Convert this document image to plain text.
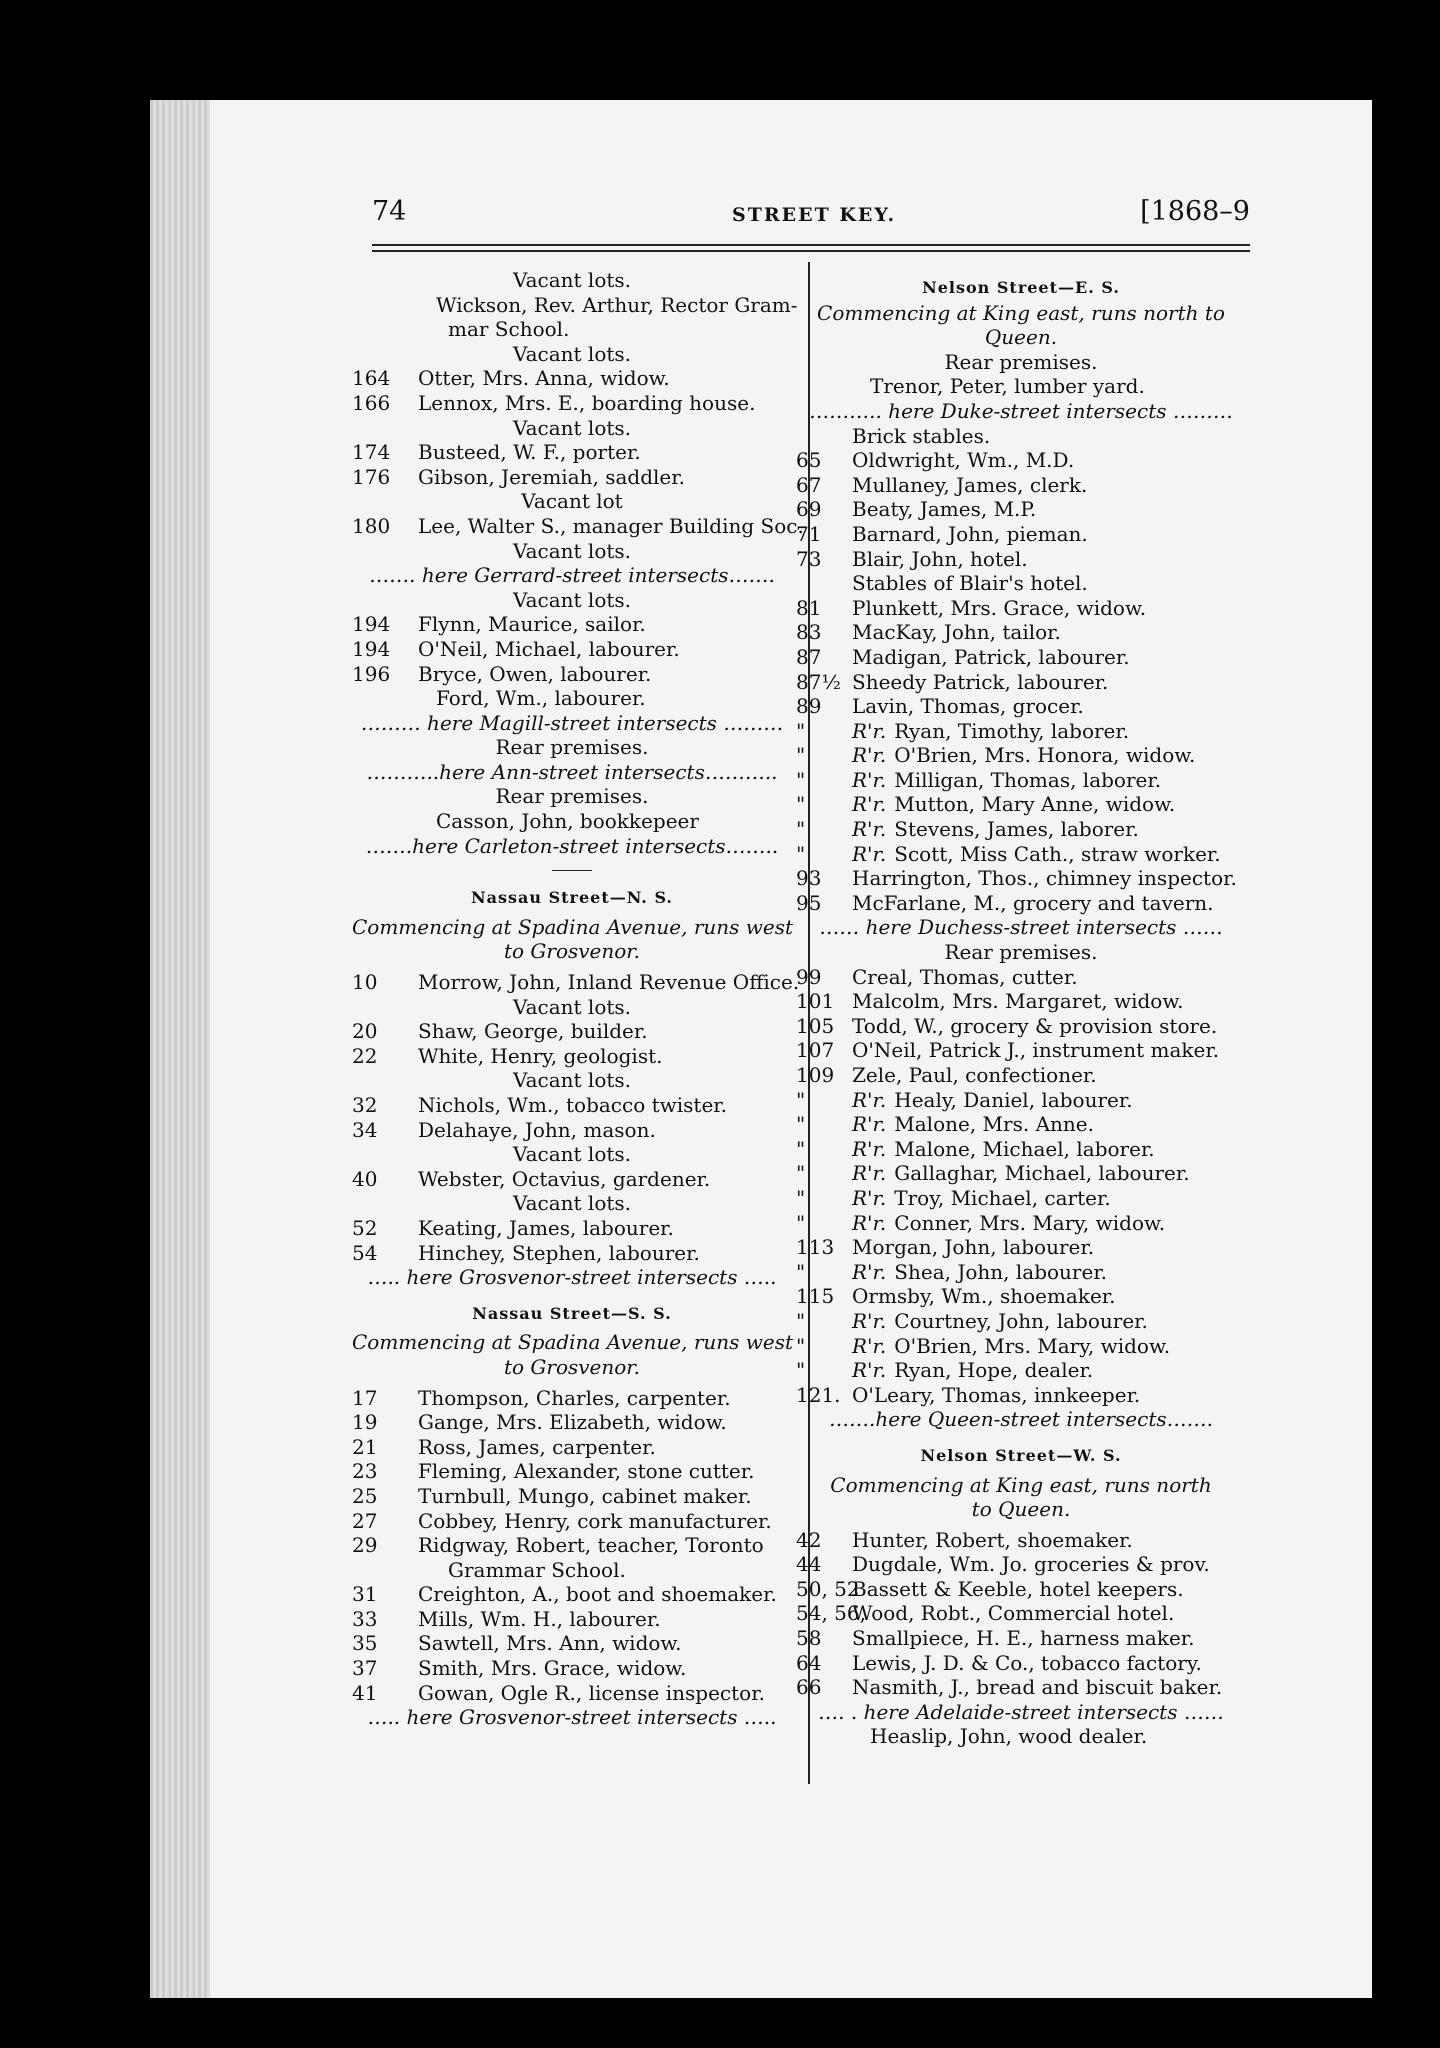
74	STREET KEY.	[1868–9
Vacant lots.
Wickson, Rev. Arthur, Rector Gram-
mar School.
Vacant lots.
164 Otter, Mrs. Anna, widow.
166 Lennox, Mrs. E., boarding house.
Vacant lots.
174 Busteed, W. F., porter.
176 Gibson, Jeremiah, saddler.
Vacant lot
180 Lee, Walter S., manager Building Soc.
Vacant lots.
……. here Gerrard-street intersects…….
Vacant lots.
194 Flynn, Maurice, sailor.
194 O'Neil, Michael, labourer.
196 Bryce, Owen, labourer.
Ford, Wm., labourer.
……… here Magill-street intersects ………
Rear premises.
………..here Ann-street intersects………..
Rear premises.
Casson, John, bookkepeer
…….here Carleton-street intersects……..
Nassau Street—N. S.
Commencing at Spadina Avenue, runs west
to Grosvenor.
10 Morrow, John, Inland Revenue Office.
Vacant lots.
20 Shaw, George, builder.
22 White, Henry, geologist.
Vacant lots.
32 Nichols, Wm., tobacco twister.
34 Delahaye, John, mason.
Vacant lots.
40 Webster, Octavius, gardener.
Vacant lots.
52 Keating, James, labourer.
54 Hinchey, Stephen, labourer.
….. here Grosvenor-street intersects …..
Nassau Street—S. S.
Commencing at Spadina Avenue, runs west
to Grosvenor.
17 Thompson, Charles, carpenter.
19 Gange, Mrs. Elizabeth, widow.
21 Ross, James, carpenter.
23 Fleming, Alexander, stone cutter.
25 Turnbull, Mungo, cabinet maker.
27 Cobbey, Henry, cork manufacturer.
29 Ridgway, Robert, teacher, Toronto
Grammar School.
31 Creighton, A., boot and shoemaker.
33 Mills, Wm. H., labourer.
35 Sawtell, Mrs. Ann, widow.
37 Smith, Mrs. Grace, widow.
41 Gowan, Ogle R., license inspector.
….. here Grosvenor-street intersects …..
Nelson Street—E. S.
Commencing at King east, runs north to
Queen.
Rear premises.
Trenor, Peter, lumber yard.
……….. here Duke-street intersects ………
Brick stables.
65 Oldwright, Wm., M.D.
67 Mullaney, James, clerk.
69 Beaty, James, M.P.
71 Barnard, John, pieman.
73 Blair, John, hotel.
Stables of Blair's hotel.
81 Plunkett, Mrs. Grace, widow.
83 MacKay, John, tailor.
87 Madigan, Patrick, labourer.
87½ Sheedy Patrick, labourer.
89 Lavin, Thomas, grocer.
" R'r. Ryan, Timothy, laborer.
" R'r. O'Brien, Mrs. Honora, widow.
" R'r. Milligan, Thomas, laborer.
" R'r. Mutton, Mary Anne, widow.
" R'r. Stevens, James, laborer.
" R'r. Scott, Miss Cath., straw worker.
93 Harrington, Thos., chimney inspector.
95 McFarlane, M., grocery and tavern.
…… here Duchess-street intersects ……
Rear premises.
99 Creal, Thomas, cutter.
101 Malcolm, Mrs. Margaret, widow.
105 Todd, W., grocery & provision store.
107 O'Neil, Patrick J., instrument maker.
109 Zele, Paul, confectioner.
" R'r. Healy, Daniel, labourer.
" R'r. Malone, Mrs. Anne.
" R'r. Malone, Michael, laborer.
" R'r. Gallaghar, Michael, labourer.
" R'r. Troy, Michael, carter.
" R'r. Conner, Mrs. Mary, widow.
113 Morgan, John, labourer.
" R'r. Shea, John, labourer.
115 Ormsby, Wm., shoemaker.
" R'r. Courtney, John, labourer.
" R'r. O'Brien, Mrs. Mary, widow.
" R'r. Ryan, Hope, dealer.
121. O'Leary, Thomas, innkeeper.
…….here Queen-street intersects…….
Nelson Street—W. S.
Commencing at King east, runs north
to Queen.
42 Hunter, Robert, shoemaker.
44 Dugdale, Wm. Jo. groceries & prov.
50, 52
Bassett & Keeble, hotel keepers.
54, 56,
Wood, Robt., Commercial hotel.
58 Smallpiece, H. E., harness maker.
64 Lewis, J. D. & Co., tobacco factory.
66 Nasmith, J., bread and biscuit baker.
…. . here Adelaide-street intersects ……
Heaslip, John, wood dealer.
